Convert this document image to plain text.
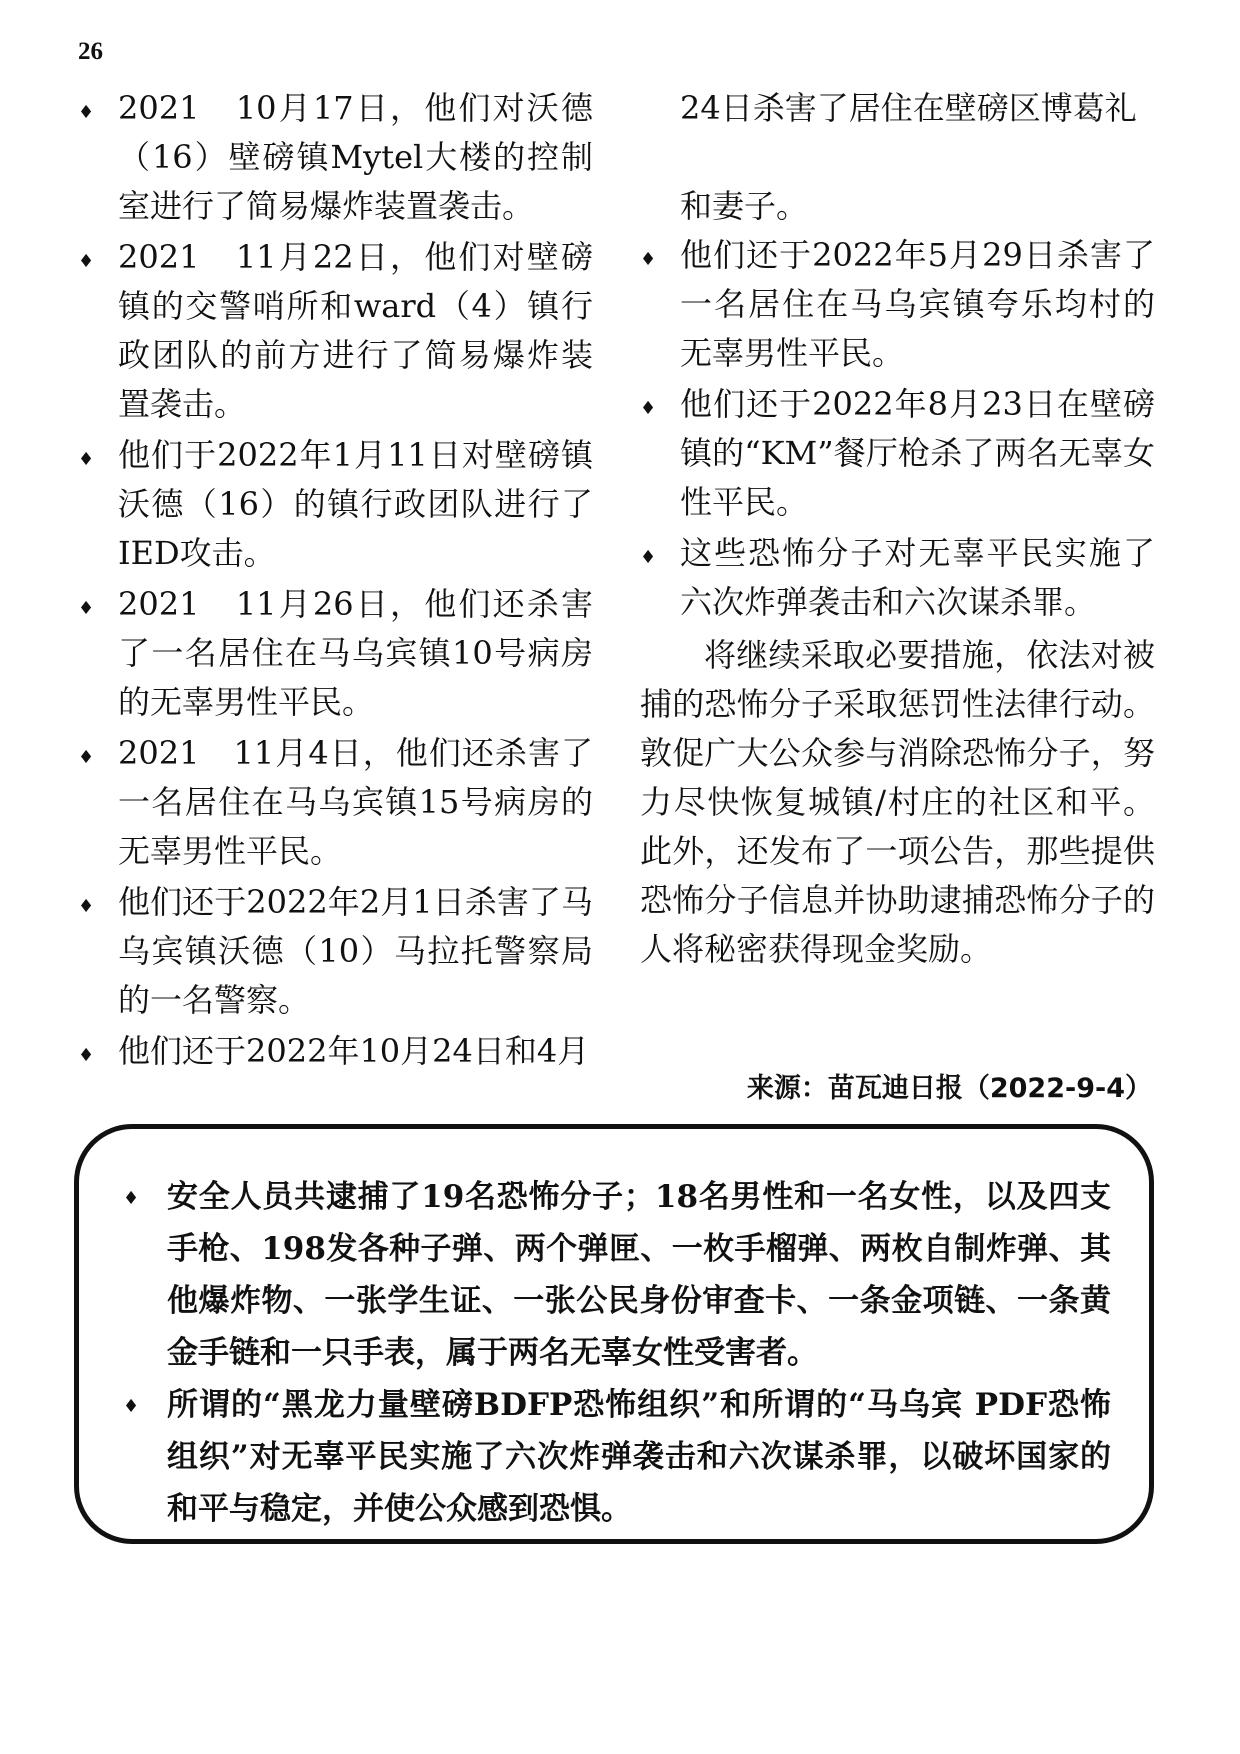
26
♦ 2021　10月17日，他们对沃德（16）壁磅镇Mytel大楼的控制室进行了简易爆炸装置袭击。
♦ 2021　11月22日，他们对壁磅镇的交警哨所和ward（4）镇行政团队的前方进行了简易爆炸装置袭击。
♦ 他们于2022年1月11日对壁磅镇沃德（16）的镇行政团队进行了IED攻击。
♦ 2021　11月26日，他们还杀害了一名居住在马乌宾镇10号病房的无辜男性平民。
♦ 2021　11月4日，他们还杀害了一名居住在马乌宾镇15号病房的无辜男性平民。
♦ 他们还于2022年2月1日杀害了马乌宾镇沃德（10）马拉托警察局的一名警察。
♦ 他们还于2022年10月24日和4月

24日杀害了居住在壁磅区博葛礼

和妻子。

♦ 他们还于2022年5月29日杀害了一名居住在马乌宾镇夸乐均村的无辜男性平民。
♦ 他们还于2022年8月23日在壁磅镇的“KM”餐厅枪杀了两名无辜女性平民。
♦ 这些恐怖分子对无辜平民实施了六次炸弹袭击和六次谋杀罪。

将继续采取必要措施，依法对被捕的恐怖分子采取惩罚性法律行动。敦促广大公众参与消除恐怖分子，努力尽快恢复城镇/村庄的社区和平。此外，还发布了一项公告，那些提供恐怖分子信息并协助逮捕恐怖分子的人将秘密获得现金奖励。

来源：苗瓦迪日报（2022-9-4）
♦ 安全人员共逮捕了19名恐怖分子；18名男性和一名女性，以及四支手枪、198发各种子弹、两个弹匣、一枚手榴弹、两枚自制炸弹、其他爆炸物、一张学生证、一张公民身份审查卡、一条金项链、一条黄金手链和一只手表，属于两名无辜女性受害者。
♦ 所谓的“黑龙力量壁磅BDFP恐怖组织”和所谓的“马乌宾 PDF恐怖组织”对无辜平民实施了六次炸弹袭击和六次谋杀罪，以破坏国家的和平与稳定，并使公众感到恐惧。
